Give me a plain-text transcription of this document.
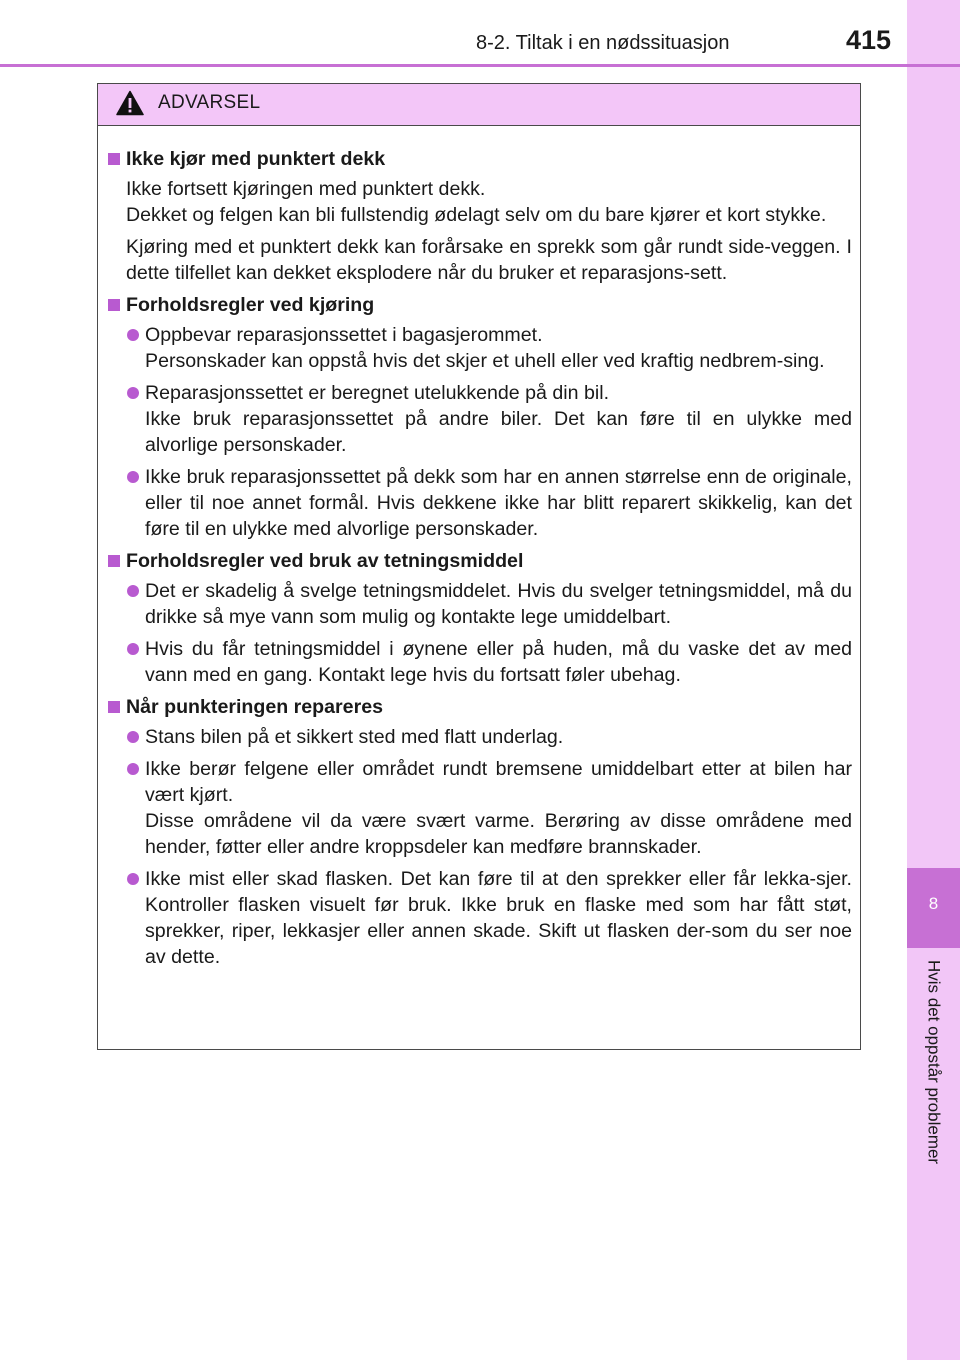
8
Hvis det oppstår problemer
8-2. Tiltak i en nødssituasjon	415
ADVARSEL
Ikke kjør med punktert dekk
Ikke fortsett kjøringen med punktert dekk.
Dekket og felgen kan bli fullstendig ødelagt selv om du bare kjører et kort stykke.
Kjøring med et punktert dekk kan forårsake en sprekk som går rundt side-veggen. I dette tilfellet kan dekket eksplodere når du bruker et reparasjons-sett.
Forholdsregler ved kjøring
Oppbevar reparasjonssettet i bagasjerommet.
Personskader kan oppstå hvis det skjer et uhell eller ved kraftig nedbrem-sing.
Reparasjonssettet er beregnet utelukkende på din bil.
Ikke bruk reparasjonssettet på andre biler. Det kan føre til en ulykke med alvorlige personskader.
Ikke bruk reparasjonssettet på dekk som har en annen størrelse enn de originale, eller til noe annet formål. Hvis dekkene ikke har blitt reparert skikkelig, kan det føre til en ulykke med alvorlige personskader.
Forholdsregler ved bruk av tetningsmiddel
Det er skadelig å svelge tetningsmiddelet. Hvis du svelger tetningsmiddel, må du drikke så mye vann som mulig og kontakte lege umiddelbart.
Hvis du får tetningsmiddel i øynene eller på huden, må du vaske det av med vann med en gang. Kontakt lege hvis du fortsatt føler ubehag.
Når punkteringen repareres
Stans bilen på et sikkert sted med flatt underlag.
Ikke berør felgene eller området rundt bremsene umiddelbart etter at bilen har vært kjørt.
Disse områdene vil da være svært varme. Berøring av disse områdene med hender, føtter eller andre kroppsdeler kan medføre brannskader.
Ikke mist eller skad flasken. Det kan føre til at den sprekker eller får lekka-sjer. Kontroller flasken visuelt før bruk. Ikke bruk en flaske med som har fått støt, sprekker, riper, lekkasjer eller annen skade. Skift ut flasken der-som du ser noe av dette.
